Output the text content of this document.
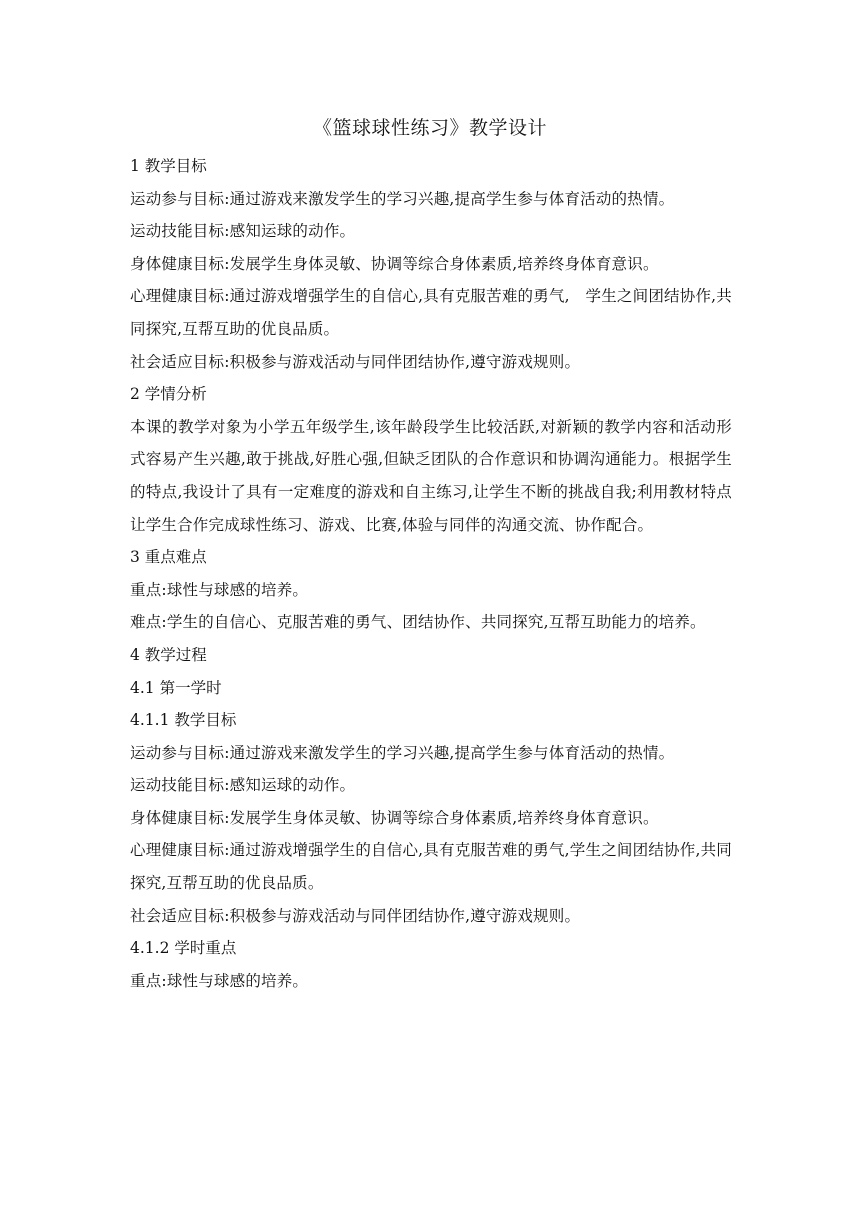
《篮球球性练习》教学设计
1 教学目标
运动参与目标:通过游戏来激发学生的学习兴趣,提高学生参与体育活动的热情。
运动技能目标:感知运球的动作。
身体健康目标:发展学生身体灵敏、协调等综合身体素质,培养终身体育意识。
心理健康目标:通过游戏增强学生的自信心,具有克服苦难的勇气,　学生之间团结协作,共同探究,互帮互助的优良品质。
社会适应目标:积极参与游戏活动与同伴团结协作,遵守游戏规则。
2 学情分析
本课的教学对象为小学五年级学生,该年龄段学生比较活跃,对新颖的教学内容和活动形式容易产生兴趣,敢于挑战,好胜心强,但缺乏团队的合作意识和协调沟通能力。根据学生的特点,我设计了具有一定难度的游戏和自主练习,让学生不断的挑战自我;利用教材特点让学生合作完成球性练习、游戏、比赛,体验与同伴的沟通交流、协作配合。
3 重点难点
重点:球性与球感的培养。
难点:学生的自信心、克服苦难的勇气、团结协作、共同探究,互帮互助能力的培养。
4 教学过程
4.1 第一学时
4.1.1 教学目标
运动参与目标:通过游戏来激发学生的学习兴趣,提高学生参与体育活动的热情。
运动技能目标:感知运球的动作。
身体健康目标:发展学生身体灵敏、协调等综合身体素质,培养终身体育意识。
心理健康目标:通过游戏增强学生的自信心,具有克服苦难的勇气,学生之间团结协作,共同探究,互帮互助的优良品质。
社会适应目标:积极参与游戏活动与同伴团结协作,遵守游戏规则。
4.1.2 学时重点
重点:球性与球感的培养。
